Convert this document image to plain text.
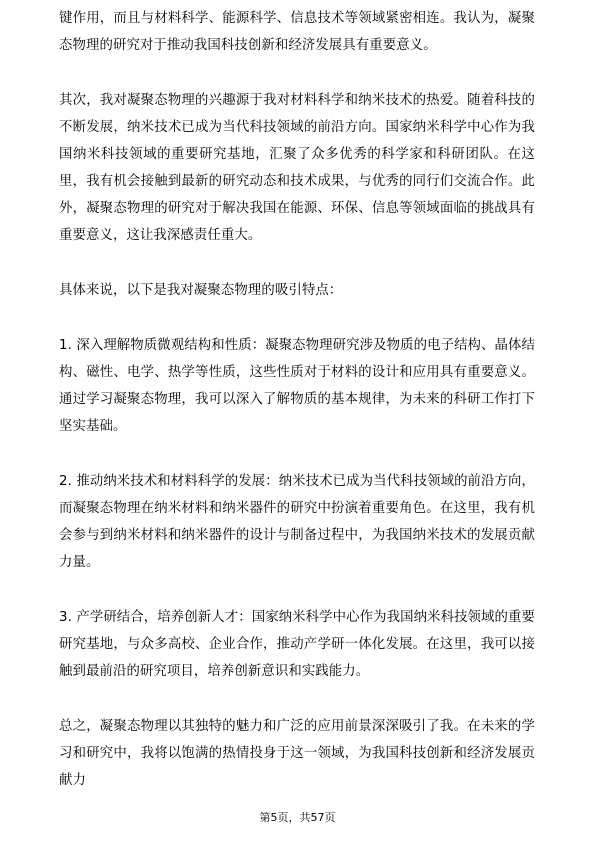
键作用，而且与材料科学、能源科学、信息技术等领域紧密相连。我认为，凝聚态物理的研究对于推动我国科技创新和经济发展具有重要意义。

其次，我对凝聚态物理的兴趣源于我对材料科学和纳米技术的热爱。随着科技的不断发展，纳米技术已成为当代科技领域的前沿方向。国家纳米科学中心作为我国纳米科技领域的重要研究基地，汇聚了众多优秀的科学家和科研团队。在这里，我有机会接触到最新的研究动态和技术成果，与优秀的同行们交流合作。此外，凝聚态物理的研究对于解决我国在能源、环保、信息等领域面临的挑战具有重要意义，这让我深感责任重大。

具体来说，以下是我对凝聚态物理的吸引特点：

1. 深入理解物质微观结构和性质：凝聚态物理研究涉及物质的电子结构、晶体结构、磁性、电学、热学等性质，这些性质对于材料的设计和应用具有重要意义。通过学习凝聚态物理，我可以深入了解物质的基本规律，为未来的科研工作打下坚实基础。

2. 推动纳米技术和材料科学的发展：纳米技术已成为当代科技领域的前沿方向，而凝聚态物理在纳米材料和纳米器件的研究中扮演着重要角色。在这里，我有机会参与到纳米材料和纳米器件的设计与制备过程中，为我国纳米技术的发展贡献力量。

3. 产学研结合，培养创新人才：国家纳米科学中心作为我国纳米科技领域的重要研究基地，与众多高校、企业合作，推动产学研一体化发展。在这里，我可以接触到最前沿的研究项目，培养创新意识和实践能力。

总之，凝聚态物理以其独特的魅力和广泛的应用前景深深吸引了我。在未来的学习和研究中，我将以饱满的热情投身于这一领域，为我国科技创新和经济发展贡献力

第5页，共57页
